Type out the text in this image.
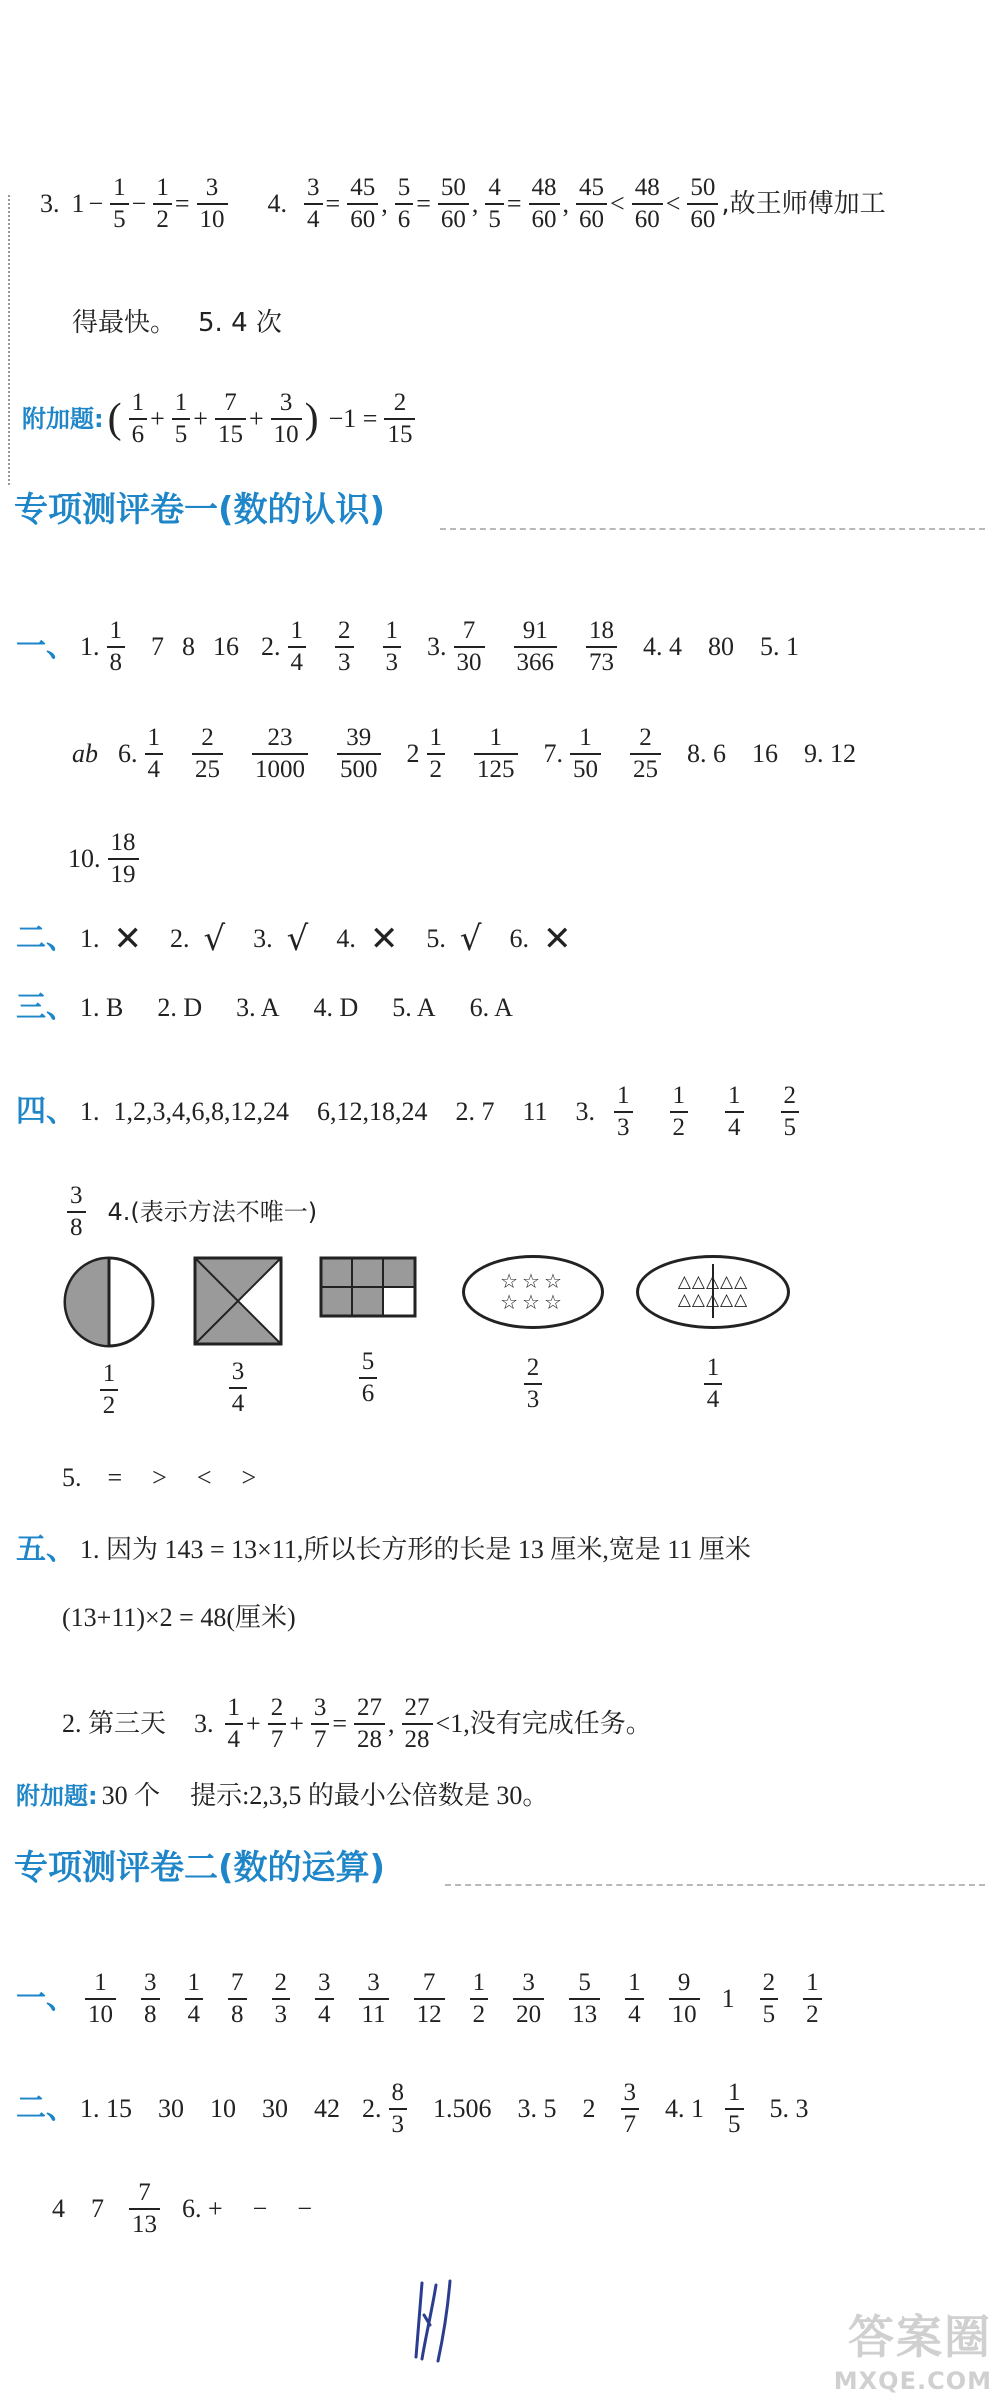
3. $1 - \frac{1}{5} - \frac{1}{2} = \frac{3}{10} 4$. $\frac{3}{4} = \frac{45}{60}$ , $\frac{5}{6} = \frac{50}{60}$ , $\frac{4}{5} = \frac{48}{60}$ , $\frac{45}{60} < \frac{48}{60} < \frac{50}{60}$ ,故王师傅加工
得最快。 5. 4 次
附加题: ( $\frac{1}{6} + \frac{1}{5} + \frac{7}{15} + \frac{3}{10}$ ) $-1 = \frac{2}{15}$
专项测评卷一(数的认识)
一、 1. $\frac{1}{8} 7$ 8 16 2. $\frac{1}{4} \frac{2}{3} \frac{1}{3} 3$. $\frac{7}{30} \frac{91}{366} \frac{18}{73} 4$. 4 80 5. 1
ab 6. $\frac{1}{4} \frac{2}{25} \frac{23}{1000} \frac{39}{500} 2 \frac{1}{2} \frac{1}{125} 7$. $\frac{1}{50} \frac{2}{25} 8$. 6 16 9. 12
10. $\frac{18}{19}$
二、 1. ✕ 2. √ 3. √ 4. ✕ 5. √ 6. ✕
三、 1. B 2. D 3. A 4. D 5. A 6. A
四、 1. 1,2,3,4,6,8,12,24 6,12,18,24 2. 7 11 3. $\frac{1}{3} \frac{1}{2} \frac{1}{4} \frac{2}{5}$
$\frac{3}{8} 4$.(表示方法不唯一)
$\frac{1}{2}$	$\frac{3}{4}$	$\frac{5}{6}$
☆☆☆
☆☆☆
$\frac{2}{3}$
△△△△△
△△△△△
$\frac{1}{4}$
5. = > < >
五、 1. 因为 143 = 13×11,所以长方形的长是 13 厘米,宽是 11 厘米
(13+11)×2 = 48(厘米)
2. 第三天 3. $\frac{1}{4} + \frac{2}{7} + \frac{3}{7} = \frac{27}{28}$ , $\frac{27}{28} <1$,没有完成任务。
附加题: 30 个 提示:2,3,5 的最小公倍数是 30。
专项测评卷二(数的运算)
一、 $\frac{1}{10} \frac{3}{8} \frac{1}{4} \frac{7}{8} \frac{2}{3} \frac{3}{4} \frac{3}{11} \frac{7}{12} \frac{1}{2} \frac{3}{20} \frac{5}{13} \frac{1}{4} \frac{9}{10} 1 \frac{2}{5} \frac{1}{2}$
二、 1. 15 30 10 30 42 2. $\frac{8}{3} 1.506$ 3. 5 $2 \frac{3}{7} 4$. $1 \frac{1}{5} 5$. 3
4 $7 \frac{7}{13} 6$. + − −
答案圈
MXQE.COM
